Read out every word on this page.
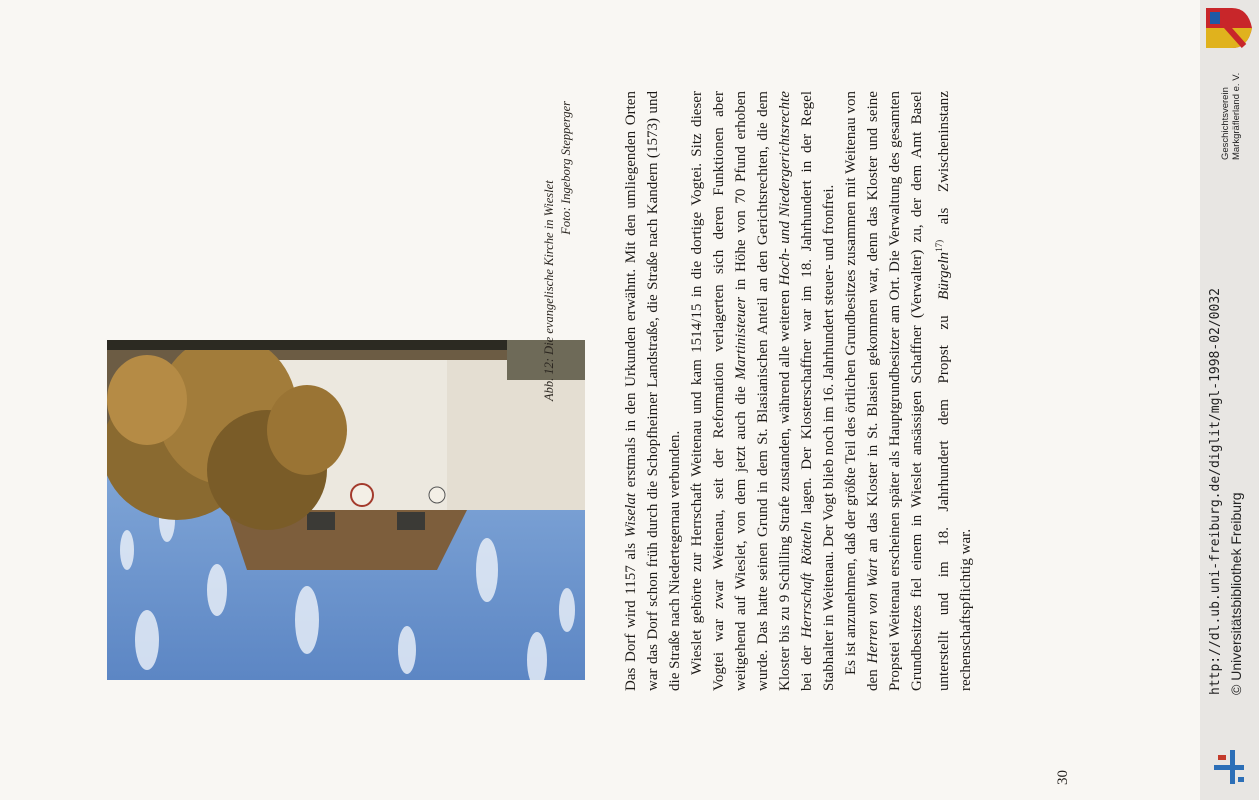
Abb. 12: Die evangelische Kirche in Wieslet
Foto: Ingeborg Stepperger

Das Dorf wird 1157 als Wiselat erstmals in den Urkunden erwähnt. Mit den umliegenden Orten war das Dorf schon früh durch die Schopfheimer Landstraße, die Straße nach Kandern (1573) und die Straße nach Niedertegernau verbunden. Wieslet gehörte zur Herrschaft Weitenau und kam 1514/15 in die dortige Vogtei. Sitz dieser Vogtei war zwar Weitenau, seit der Reformation verlagerten sich deren Funktionen aber weitgehend auf Wieslet, von dem jetzt auch die Martinisteuer in Höhe von 70 Pfund erhoben wurde. Das hatte seinen Grund in dem St. Blasianischen Anteil an den Gerichtsrechten, die dem Kloster bis zu 9 Schilling Strafe zustanden, während alle weiteren Hoch- und Niedergerichtsrechte bei der Herrschaft Rötteln lagen. Der Klosterschaffner war im 18. Jahrhundert in der Regel Stabhalter in Weitenau. Der Vogt blieb noch im 16. Jahrhundert steuer- und fronfrei. Es ist anzunehmen, daß der größte Teil des örtlichen Grundbesitzes zusammen mit Weitenau von den Herren von Wart an das Kloster in St. Blasien gekommen war, denn das Kloster und seine Propstei Weitenau erscheinen später als Hauptgrundbesitzer am Ort. Die Verwaltung des gesamten Grundbesitzes fiel einem in Wieslet ansässigen Schaffner (Verwalter) zu, der dem Amt Basel unterstellt und im 18. Jahrhundert dem Propst zu Bürgeln$^{17)}$ als Zwischeninstanz rechenschaftspflichtig war.

30
http://dl.ub.uni-freiburg.de/diglit/mgl-1998-02/0032 © Universitätsbibliothek Freiburg
Geschichtsverein Markgräflerland e. V.
